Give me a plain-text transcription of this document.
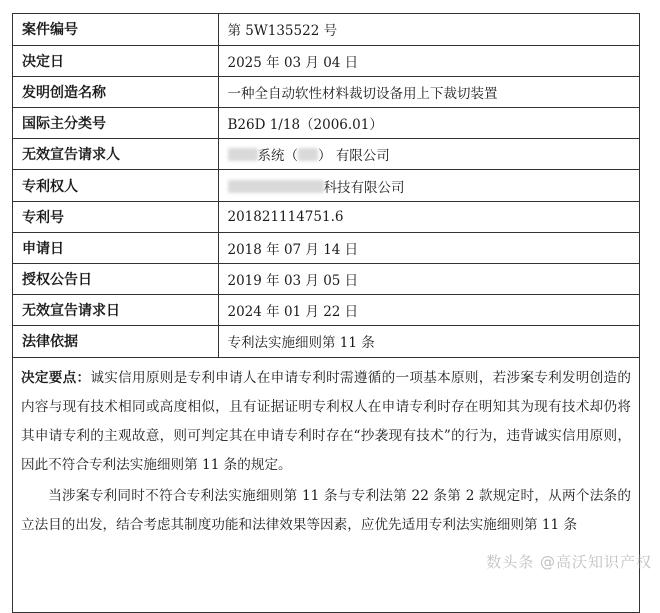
案件编号	第 5W135522 号
决定日	2025 年 03 月 04 日
发明创造名称	一种全自动软性材料裁切设备用上下裁切装置
国际主分类号	B26D 1/18（2006.01）
无效宣告请求人	系统（ ） 有限公司
专利权人	科技有限公司
专利号	201821114751.6
申请日	2018 年 07 月 14 日
授权公告日	2019 年 03 月 05 日
无效宣告请求日	2024 年 01 月 22 日
法律依据	专利法实施细则第 11 条

决定要点：诚实信用原则是专利申请人在申请专利时需遵循的一项基本原则，若涉案专利发明创造的内容与现有技术相同或高度相似，且有证据证明专利权人在申请专利时存在明知其为现有技术却仍将其申请专利的主观故意，则可判定其在申请专利时存在“抄袭现有技术”的行为，违背诚实信用原则，因此不符合专利法实施细则第 11 条的规定。

当涉案专利同时不符合专利法实施细则第 11 条与专利法第 22 条第 2 款规定时，从两个法条的立法目的出发，结合考虑其制度功能和法律效果等因素，应优先适用专利法实施细则第 11 条

数头条 @高沃知识产权
